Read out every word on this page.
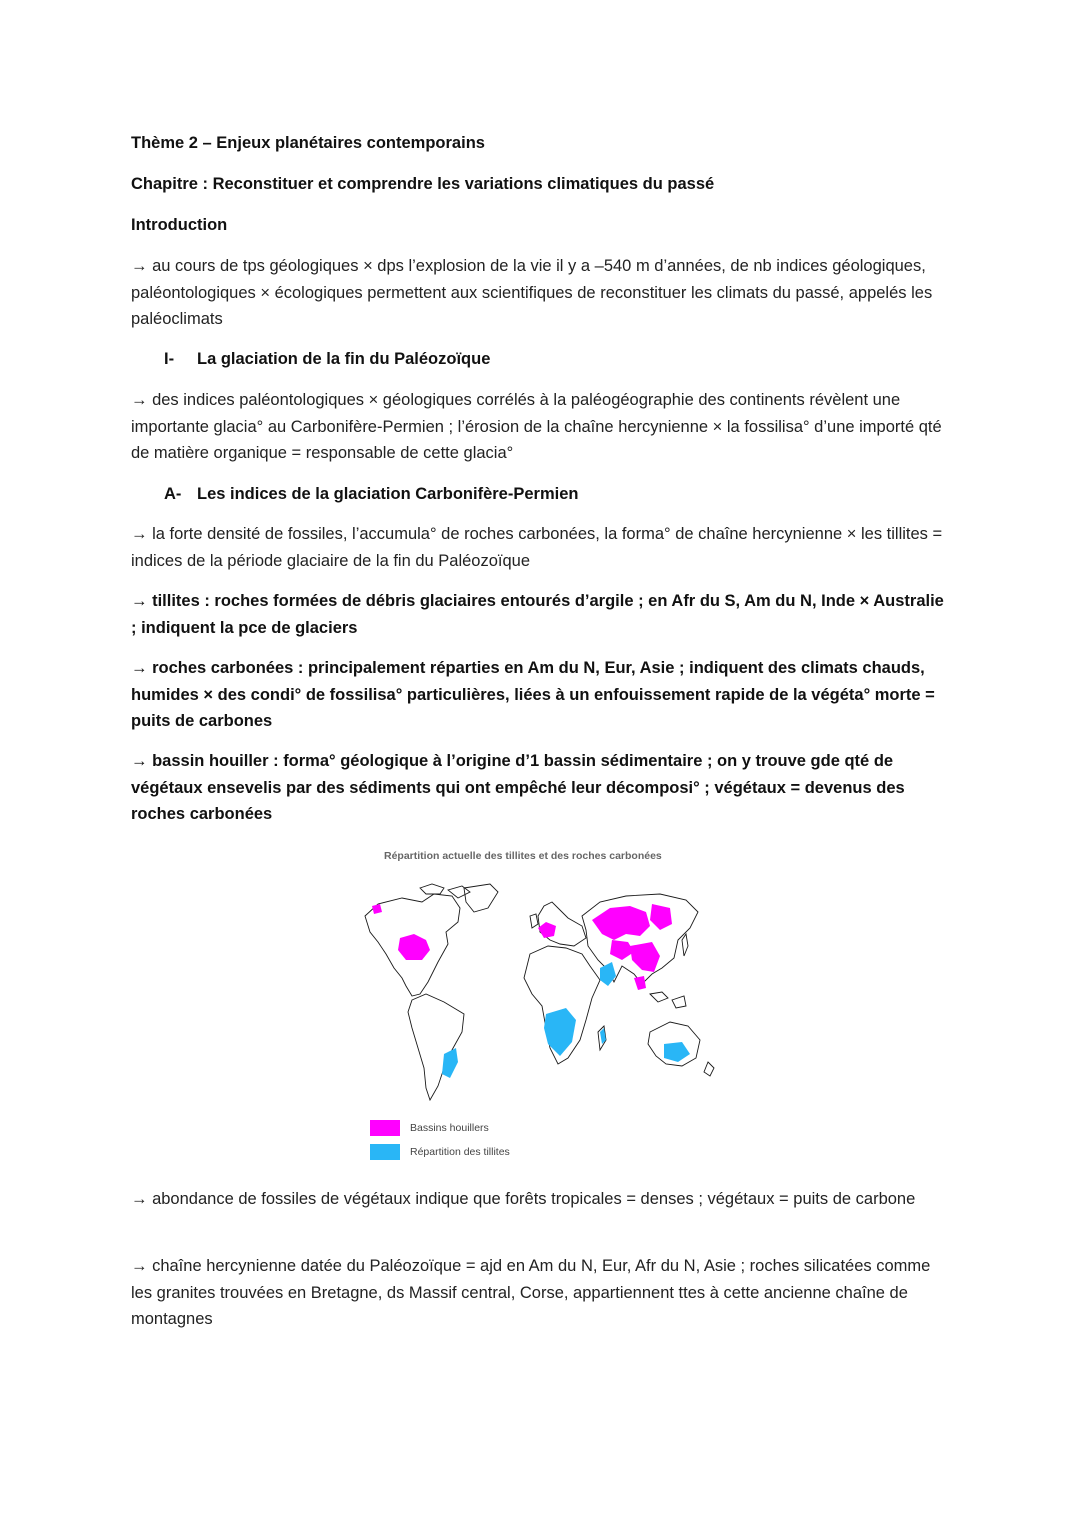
Thème 2 – Enjeux planétaires contemporains
Chapitre : Reconstituer et comprendre les variations climatiques du passé
Introduction
→ au cours de tps géologiques × dps l’explosion de la vie il y a ‒540 m d’années, de nb indices géologiques, paléontologiques × écologiques permettent aux scientifiques de reconstituer les climats du passé, appelés les paléoclimats
I- La glaciation de la fin du Paléozoïque
→ des indices paléontologiques × géologiques corrélés à la paléogéographie des continents révèlent une importante glacia° au Carbonifère-Permien ; l’érosion de la chaîne hercynienne × la fossilisa° d’une importé qté de matière organique = responsable de cette glacia°
A- Les indices de la glaciation Carbonifère-Permien
→ la forte densité de fossiles, l’accumula° de roches carbonées, la forma° de chaîne hercynienne × les tillites = indices de la période glaciaire de la fin du Paléozoïque
→ tillites : roches formées de débris glaciaires entourés d’argile ; en Afr du S, Am du N, Inde × Australie ; indiquent la pce de glaciers
→ roches carbonées : principalement réparties en Am du N, Eur, Asie ; indiquent des climats chauds, humides × des condi° de fossilisa° particulières, liées à un enfouissement rapide de la végéta° morte = puits de carbones
→ bassin houiller : forma° géologique à l’origine d’1 bassin sédimentaire ; on y trouve gde qté de végétaux ensevelis par des sédiments qui ont empêché leur décomposi° ; végétaux = devenus des roches carbonées
Répartition actuelle des tillites et des roches carbonées
Bassins houillers
Répartition des tillites
→ abondance de fossiles de végétaux indique que forêts tropicales = denses ; végétaux = puits de carbone
→ chaîne hercynienne datée du Paléozoïque = ajd en Am du N, Eur, Afr du N, Asie ; roches silicatées comme les granites trouvées en Bretagne, ds Massif central, Corse, appartiennent ttes à cette ancienne chaîne de montagnes
